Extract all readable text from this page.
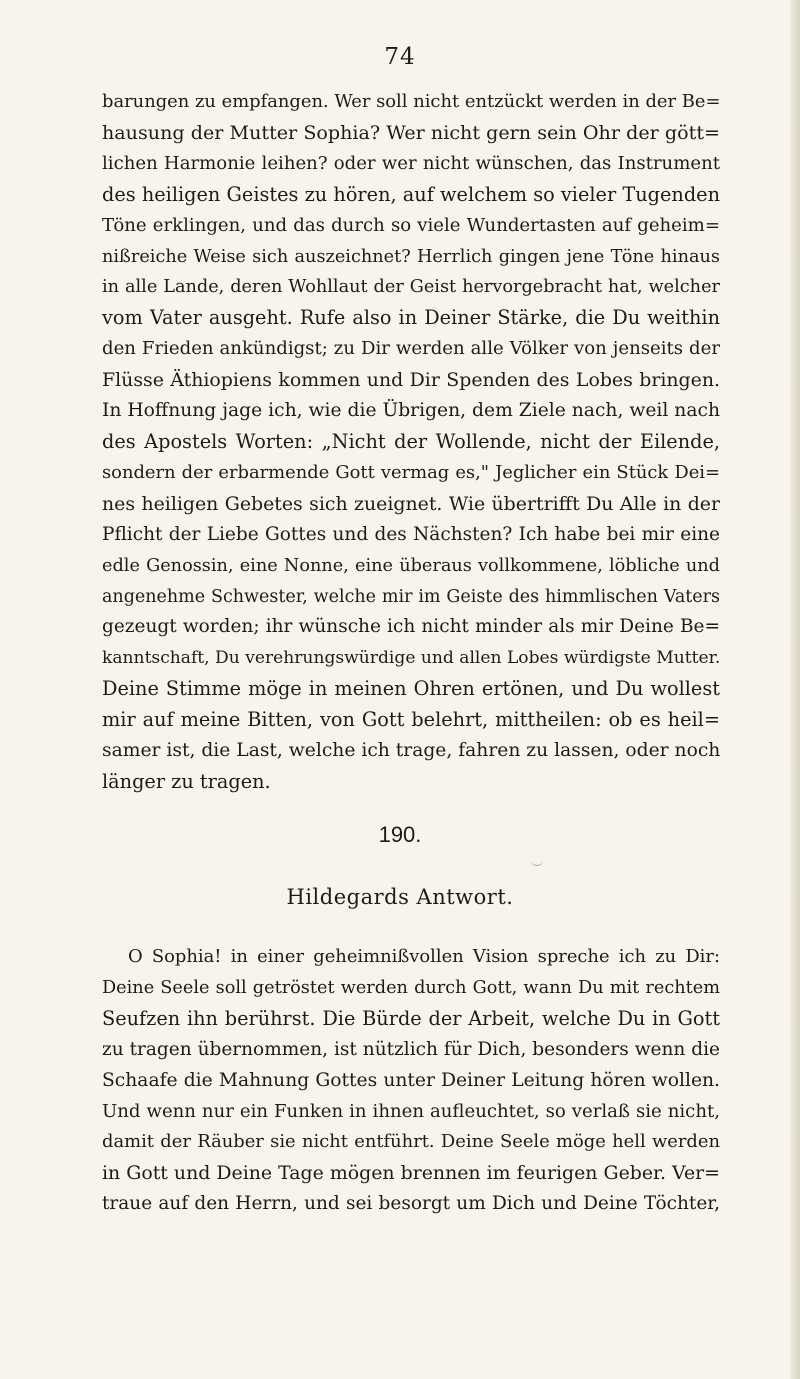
74

barungen zu empfangen. Wer soll nicht entzückt werden in der Be=
hausung der Mutter Sophia? Wer nicht gern sein Ohr der gött=
lichen Harmonie leihen? oder wer nicht wünschen, das Instrument
des heiligen Geistes zu hören, auf welchem so vieler Tugenden
Töne erklingen, und das durch so viele Wundertasten auf geheim=
nißreiche Weise sich auszeichnet? Herrlich gingen jene Töne hinaus
in alle Lande, deren Wohllaut der Geist hervorgebracht hat, welcher
vom Vater ausgeht. Rufe also in Deiner Stärke, die Du weithin
den Frieden ankündigst; zu Dir werden alle Völker von jenseits der
Flüsse Äthiopiens kommen und Dir Spenden des Lobes bringen.
In Hoffnung jage ich, wie die Übrigen, dem Ziele nach, weil nach
des Apostels Worten: „Nicht der Wollende, nicht der Eilende,
sondern der erbarmende Gott vermag es," Jeglicher ein Stück Dei=
nes heiligen Gebetes sich zueignet. Wie übertrifft Du Alle in der
Pflicht der Liebe Gottes und des Nächsten? Ich habe bei mir eine
edle Genossin, eine Nonne, eine überaus vollkommene, löbliche und
angenehme Schwester, welche mir im Geiste des himmlischen Vaters
gezeugt worden; ihr wünsche ich nicht minder als mir Deine Be=
kanntschaft, Du verehrungswürdige und allen Lobes würdigste Mutter.
Deine Stimme möge in meinen Ohren ertönen, und Du wollest
mir auf meine Bitten, von Gott belehrt, mittheilen: ob es heil=
samer ist, die Last, welche ich trage, fahren zu lassen, oder noch
länger zu tragen.

190.
Hildegards Antwort.

O Sophia! in einer geheimnißvollen Vision spreche ich zu Dir:
Deine Seele soll getröstet werden durch Gott, wann Du mit rechtem
Seufzen ihn berührst. Die Bürde der Arbeit, welche Du in Gott
zu tragen übernommen, ist nützlich für Dich, besonders wenn die
Schaafe die Mahnung Gottes unter Deiner Leitung hören wollen.
Und wenn nur ein Funken in ihnen aufleuchtet, so verlaß sie nicht,
damit der Räuber sie nicht entführt. Deine Seele möge hell werden
in Gott und Deine Tage mögen brennen im feurigen Geber. Ver=
traue auf den Herrn, und sei besorgt um Dich und Deine Töchter,
